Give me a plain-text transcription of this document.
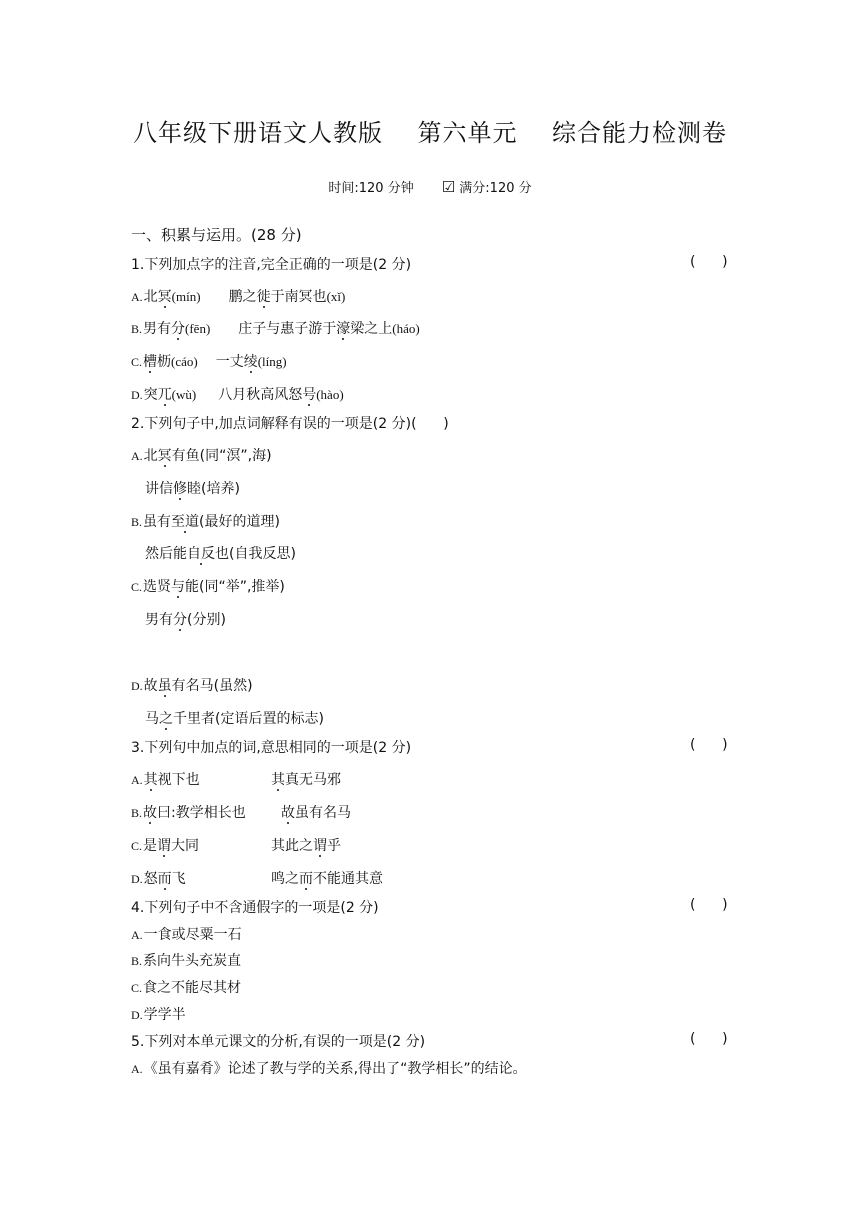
八年级下册语文人教版    第六单元    综合能力检测卷
时间:120 分钟 ☑ 满分:120 分
一、积累与运用。(28 分)
1.下列加点字的注音,完全正确的一项是(2 分)	(      )
A.北冥(mín) 鹏之徙于南冥也(xǐ)
B.男有分(fēn) 庄子与惠子游于濠梁之上(háo)
C.槽枥(cáo) 一丈绫(líng)
D.突兀(wù) 八月秋高风怒号(hào)
2.下列句子中,加点词解释有误的一项是(2 分)(      )
A.北冥有鱼(同“溟”,海)
讲信修睦(培养)
B.虽有至道(最好的道理)
然后能自反也(自我反思)
C.选贤与能(同“举”,推举)
男有分(分别)
D.故虽有名马(虽然)
马之千里者(定语后置的标志)
3.下列句中加点的词,意思相同的一项是(2 分)	(      )
A.其视下也	其真无马邪
B.故曰:教学相长也	故虽有名马
C.是谓大同	其此之谓乎
D.怒而飞	鸣之而不能通其意
4.下列句子中不含通假字的一项是(2 分)	(      )
A.一食或尽粟一石
B.系向牛头充炭直
C.食之不能尽其材
D.学学半
5.下列对本单元课文的分析,有误的一项是(2 分)	(      )
A.《虽有嘉肴》论述了教与学的关系,得出了“教学相长”的结论。
